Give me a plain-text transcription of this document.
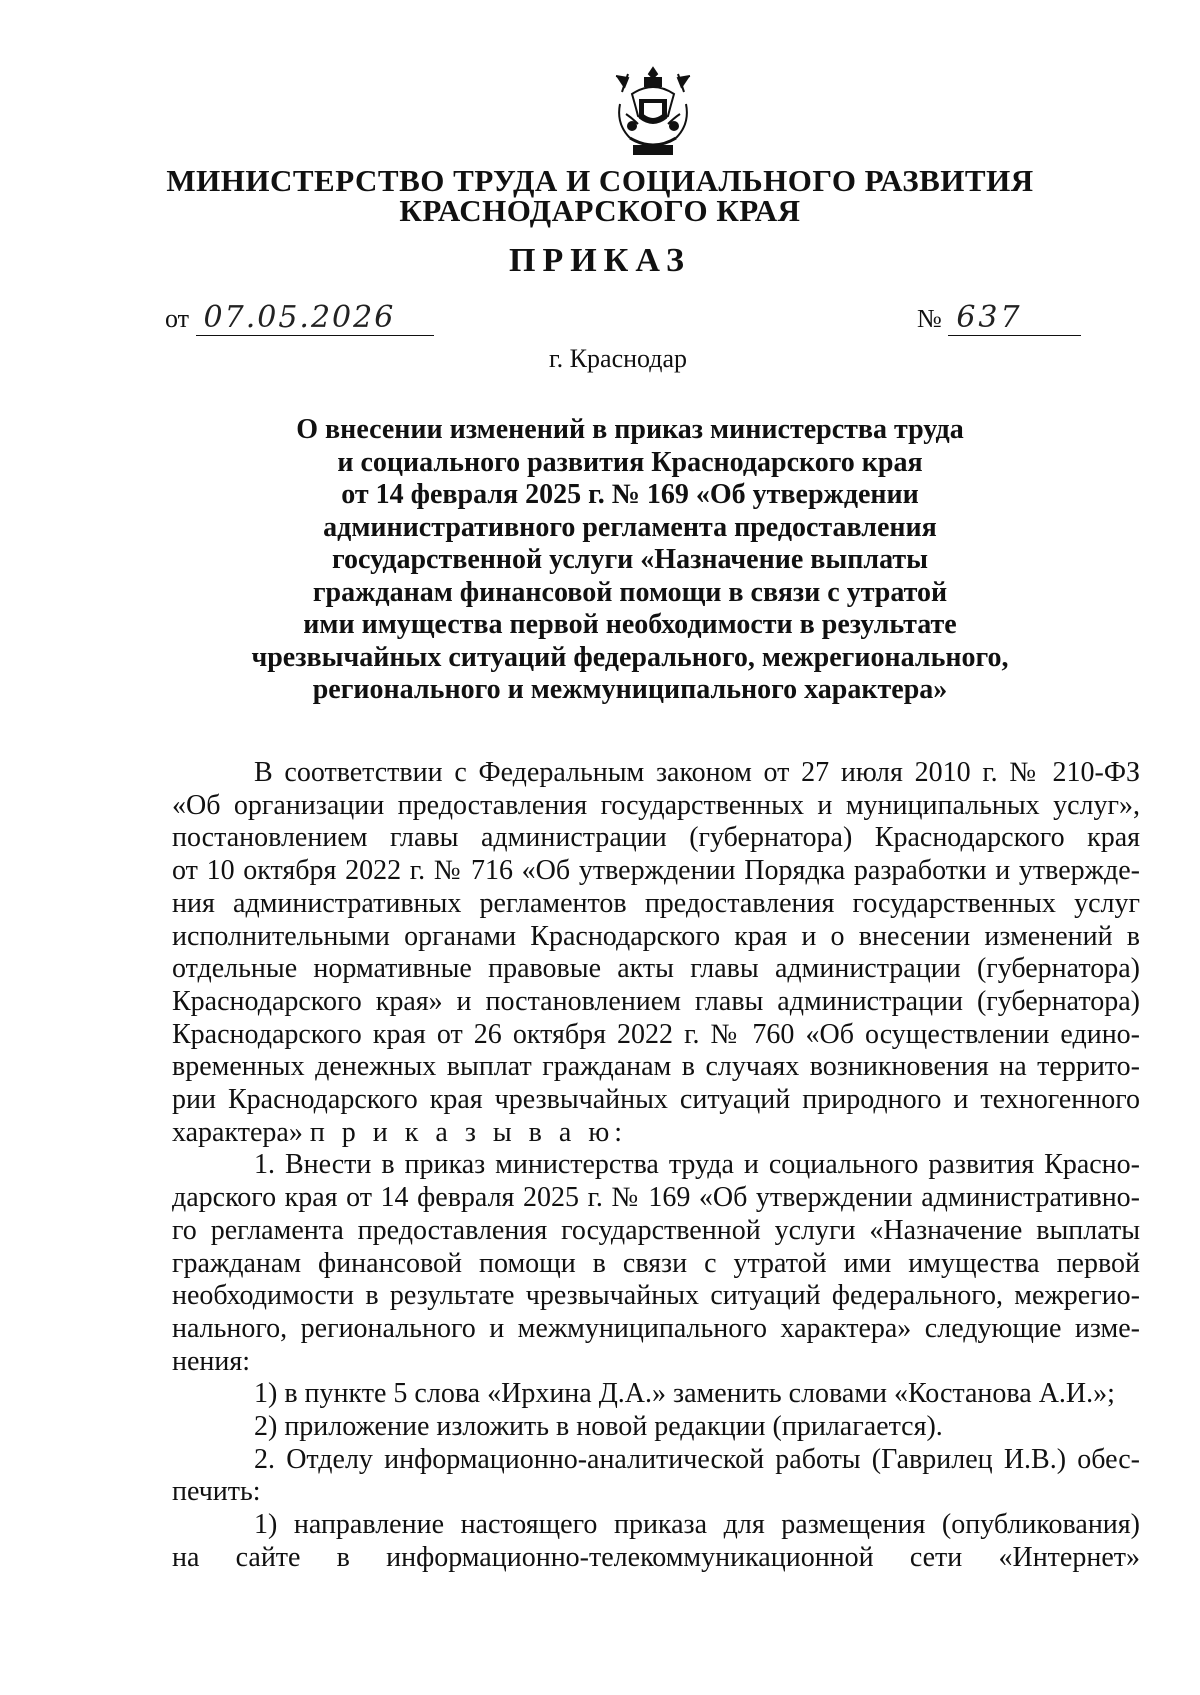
МИНИСТЕРСТВО ТРУДА И СОЦИАЛЬНОГО РАЗВИТИЯ
КРАСНОДАРСКОГО КРАЯ
ПРИКАЗ
от 07.05.2026	№ 637
г. Краснодар
О внесении изменений в приказ министерства труда
и социального развития Краснодарского края
от 14 февраля 2025 г. № 169 «Об утверждении
административного регламента предоставления
государственной услуги «Назначение выплаты
гражданам финансовой помощи в связи с утратой
ими имущества первой необходимости в результате
чрезвычайных ситуаций федерального, межрегионального,
регионального и межмуниципального характера»
В соответствии с Федеральным законом от 27 июля 2010 г. № 210-ФЗ
«Об организации предоставления государственных и муниципальных услуг»,
постановлением главы администрации (губернатора) Краснодарского края
от 10 октября 2022 г. № 716 «Об утверждении Порядка разработки и утвержде-
ния административных регламентов предоставления государственных услуг
исполнительными органами Краснодарского края и о внесении изменений в
отдельные нормативные правовые акты главы администрации (губернатора)
Краснодарского края» и постановлением главы администрации (губернатора)
Краснодарского края от 26 октября 2022 г. № 760 «Об осуществлении едино-
временных денежных выплат гражданам в случаях возникновения на террито-
рии Краснодарского края чрезвычайных ситуаций природного и техногенного
характера» п р и к а з ы в а ю:
1. Внести в приказ министерства труда и социального развития Красно-
дарского края от 14 февраля 2025 г. № 169 «Об утверждении административно-
го регламента предоставления государственной услуги «Назначение выплаты
гражданам финансовой помощи в связи с утратой ими имущества первой
необходимости в результате чрезвычайных ситуаций федерального, межрегио-
нального, регионального и межмуниципального характера» следующие изме-
нения:
1) в пункте 5 слова «Ирхина Д.А.» заменить словами «Костанова А.И.»;
2) приложение изложить в новой редакции (прилагается).
2. Отделу информационно-аналитической работы (Гаврилец И.В.) обес-
печить:
1) направление настоящего приказа для размещения (опубликования)
на сайте в информационно-телекоммуникационной сети «Интернет»
